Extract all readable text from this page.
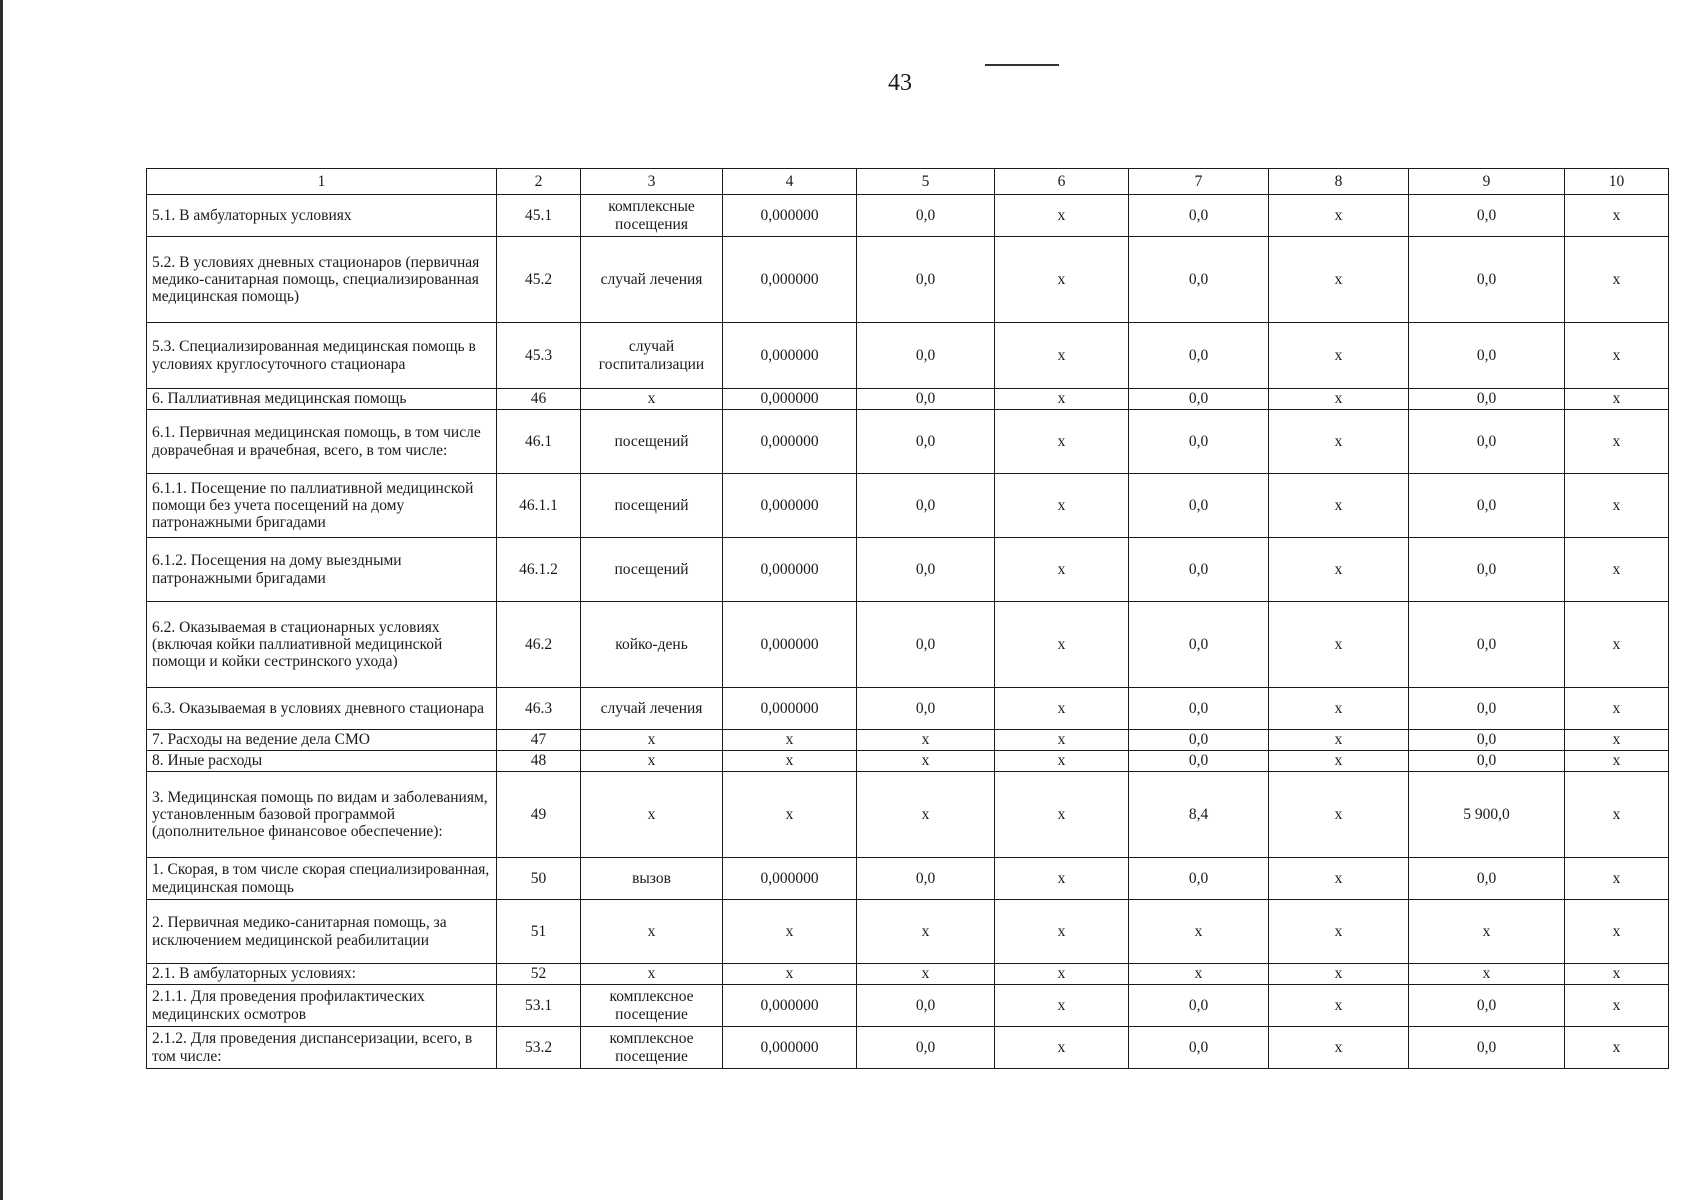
43
1	2	3	4	5	6	7	8	9	10
5.1. В амбулаторных условиях	45.1	комплексные посещения	0,000000	0,0	х	0,0	х	0,0	х
5.2. В условиях дневных стационаров (первичная медико-санитарная помощь, специализированная медицинская помощь)	45.2	случай лечения	0,000000	0,0	х	0,0	х	0,0	х
5.3. Специализированная медицинская помощь в условиях круглосуточного стационара	45.3	случай госпитализации	0,000000	0,0	х	0,0	х	0,0	х
6. Паллиативная медицинская помощь	46	х	0,000000	0,0	х	0,0	х	0,0	х
6.1. Первичная медицинская помощь, в том числе доврачебная и врачебная, всего, в том числе:	46.1	посещений	0,000000	0,0	х	0,0	х	0,0	х
6.1.1. Посещение по паллиативной медицинской помощи без учета посещений на дому патронажными бригадами	46.1.1	посещений	0,000000	0,0	х	0,0	х	0,0	х
6.1.2. Посещения на дому выездными патронажными бригадами	46.1.2	посещений	0,000000	0,0	х	0,0	х	0,0	х
6.2. Оказываемая в стационарных условиях (включая койки паллиативной медицинской помощи и койки сестринского ухода)	46.2	койко-день	0,000000	0,0	х	0,0	х	0,0	х
6.3. Оказываемая в условиях дневного стационара	46.3	случай лечения	0,000000	0,0	х	0,0	х	0,0	х
7. Расходы на ведение дела СМО	47	х	х	х	х	0,0	х	0,0	х
8. Иные расходы	48	х	х	х	х	0,0	х	0,0	х
3. Медицинская помощь по видам и заболеваниям, установленным базовой программой (дополнительное финансовое обеспечение):	49	х	х	х	х	8,4	х	5 900,0	х
1. Скорая, в том числе скорая специализированная, медицинская помощь	50	вызов	0,000000	0,0	х	0,0	х	0,0	х
2. Первичная медико-санитарная помощь, за исключением медицинской реабилитации	51	х	х	х	х	х	х	х	х
2.1. В амбулаторных условиях:	52	х	х	х	х	х	х	х	х
2.1.1. Для проведения профилактических медицинских осмотров	53.1	комплексное посещение	0,000000	0,0	х	0,0	х	0,0	х
2.1.2. Для проведения диспансеризации, всего, в том числе:	53.2	комплексное посещение	0,000000	0,0	х	0,0	х	0,0	х
